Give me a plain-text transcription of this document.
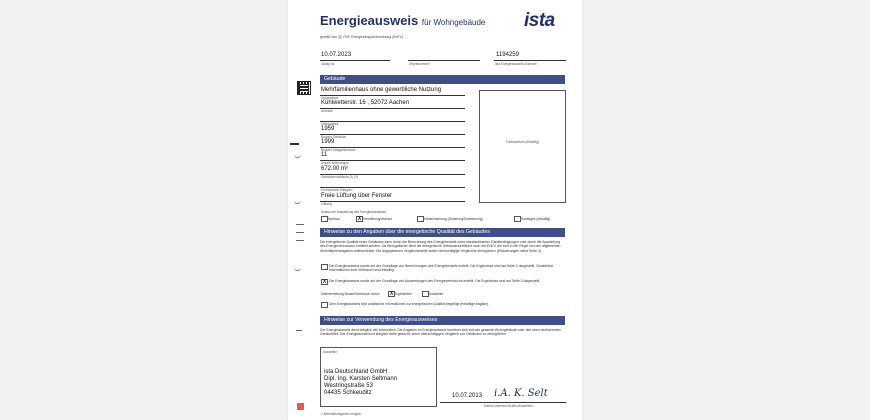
Energieausweis für Wohngebäude
gemäß den §§ 79 ff. Energieeinsparverordnung (EnEV)
ista
10.07.2023
Gültig bis	Objektnummer
1194259
ista Energieausweis-Nummer
Gebäude
Mehrfamilienhaus ohne gewerbliche Nutzung
Gebäudetyp
Kühlwetterstr. 16 , 52072 Aachen
Adresse
Gebäudeteil
1959
Baujahr Gebäude
1999
Baujahr Anlagentechnik¹⁾
11
Anzahl Wohnungen
672.00 m²
Gebäudenutzfläche (A_N)
Erneuerbare Energien
Freie Lüftung über Fenster
Lüftung
Gebäudefoto (freiwillig)
Anlass der Ausstellung des Energieausweises
Neubau	X Vermietung/Verkauf	Modernisierung (Änderung/Erweiterung)	Sonstiges (freiwillig)
Hinweise zu den Angaben über die energetische Qualität des Gebäudes
Die energetische Qualität eines Gebäudes kann durch die Berechnung des Energiebedarfs unter standardisierten Randbedingungen oder durch die Auswertung des Energieverbrauchs ermittelt werden. Als Bezugsfläche dient die energetische Gebäudenutzfläche nach der EnEV, die sich in der Regel von den allgemeinen Wohnflächenangaben unterscheidet. Die angegebenen Vergleichswerte sollen überschlägige Vergleiche ermöglichen (Erläuterungen siehe Seite 4).
Der Energieausweis wurde auf der Grundlage von Berechnungen des Energiebedarfs erstellt. Die Ergebnisse sind auf Seite 2 dargestellt. Zusätzliche Informationen zum Verbrauch sind freiwillig.
X Der Energieausweis wurde auf der Grundlage von Auswertungen des Energieverbrauchs erstellt. Die Ergebnisse sind auf Seite 3 dargestellt.
Datenerhebung Bedarf/Verbrauch durch	X Eigentümer	Aussteller
Dem Energieausweis sind zusätzliche Informationen zur energetischen Qualität beigefügt (freiwillige Angabe).
Hinweise zur Verwendung des Energieausweises
Der Energieausweis dient lediglich der Information. Die Angaben im Energieausweis beziehen sich auf das gesamte Wohngebäude oder den oben bezeichneten Gebäudeteil. Der Energieausweis ist lediglich dafür gedacht, einen überschlägigen Vergleich von Gebäuden zu ermöglichen.
Aussteller
ista Deutschland GmbH
Dipl. Ing. Karsten Seltmann
Westringstraße 53
04435 Schkeuditz	10.07.2013 i.A. K. Selt
Datum Unterschrift des Ausstellers
¹⁾ Mehrfachangaben möglich
